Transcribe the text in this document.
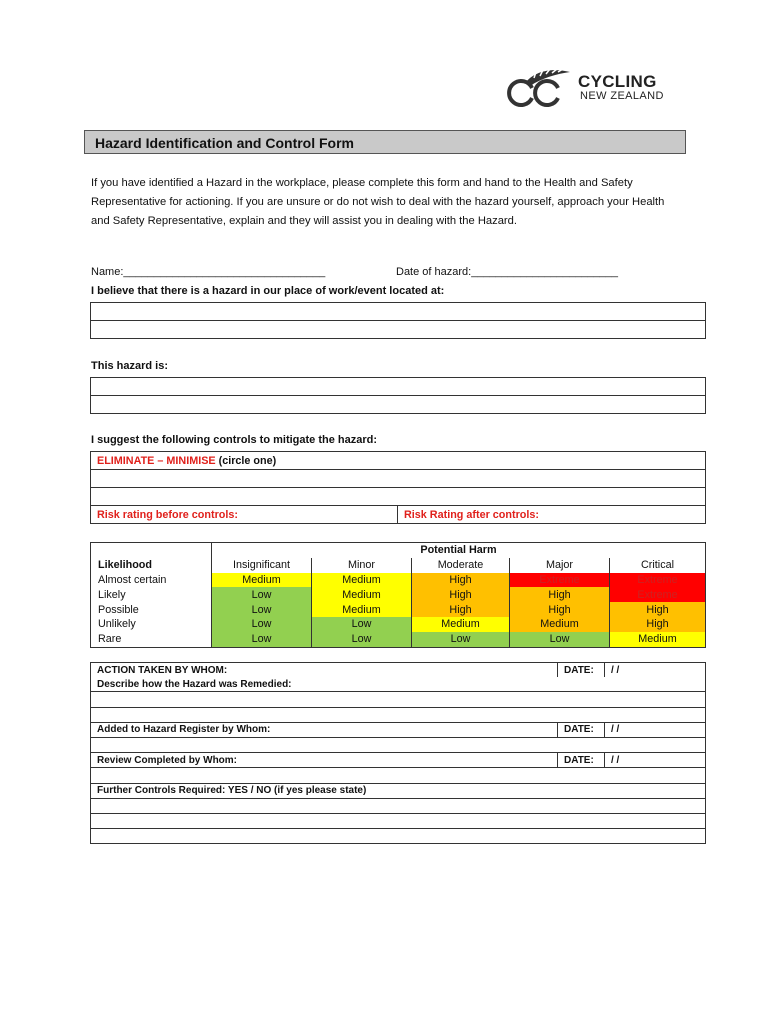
CYCLING
NEW ZEALAND
Hazard Identification and Control Form
If you have identified a Hazard in the workplace, please complete this form and hand to the Health and Safety Representative for actioning. If you are unsure or do not wish to deal with the hazard yourself, approach your Health and Safety Representative, explain and they will assist you in dealing with the Hazard.
Name:_________________________________	Date of hazard:________________________
I believe that there is a hazard in our place of work/event located at:

This hazard is:

I suggest the following controls to mitigate the hazard:
ELIMINATE – MINIMISE (circle one)

Risk rating before controls:	Risk Rating after controls:
	Potential Harm				
Likelihood	Insignificant	Minor	Moderate	Major	Critical
Almost certain	Medium	Medium	High	Extreme	Extreme
Likely	Low	Medium	High	High	Extreme
Possible	Low	Medium	High	High	High
Unlikely	Low	Low	Medium	Medium	High
Rare	Low	Low	Low	Low	Medium
ACTION TAKEN BY WHOM:	DATE:	/ /
Describe how the Hazard was Remedied:		

Added to Hazard Register by Whom:	DATE:	/ /

Review Completed by Whom:	DATE:	/ /

Further Controls Required: YES / NO (if yes please state)		
